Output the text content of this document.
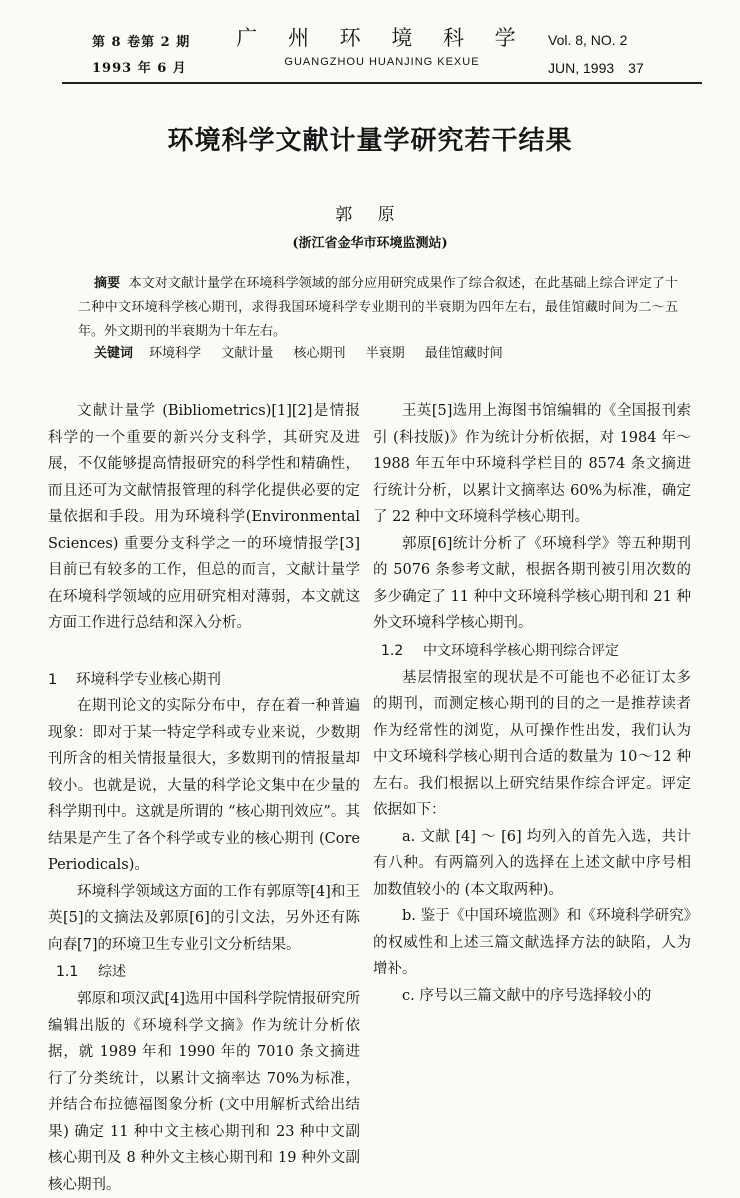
第 8 卷第 2 期
1993 年 6 月
广 州 环 境 科 学
GUANGZHOU HUANJING KEXUE
Vol. 8, NO. 2
JUN, 1993 37
环境科学文献计量学研究若干结果
郭 原
(浙江省金华市环境监测站)
摘要 本文对文献计量学在环境科学领域的部分应用研究成果作了综合叙述，在此基础上综合评定了十二种中文环境科学核心期刊，求得我国环境科学专业期刊的半衰期为四年左右，最佳馆藏时间为二～五年。外文期刊的半衰期为十年左右。
关键词 环境科学 文献计量 核心期刊 半衰期 最佳馆藏时间

文献计量学 (Bibliometrics)[1][2]是情报科学的一个重要的新兴分支科学，其研究及进展，不仅能够提高情报研究的科学性和精确性，而且还可为文献情报管理的科学化提供必要的定量依据和手段。用为环境科学(Environmental Sciences) 重要分支科学之一的环境情报学[3]目前已有较多的工作，但总的而言，文献计量学在环境科学领域的应用研究相对薄弱，本文就这方面工作进行总结和深入分析。

1 环境科学专业核心期刊

在期刊论文的实际分布中，存在着一种普遍现象：即对于某一特定学科或专业来说，少数期刊所含的相关情报量很大，多数期刊的情报量却较小。也就是说，大量的科学论文集中在少量的科学期刊中。这就是所谓的 “核心期刊效应”。其结果是产生了各个科学或专业的核心期刊 (Core Periodicals)。

环境科学领域这方面的工作有郭原等[4]和王英[5]的文摘法及郭原[6]的引文法，另外还有陈向春[7]的环境卫生专业引文分析结果。

1.1 综述

郭原和项汉武[4]选用中国科学院情报研究所编辑出版的《环境科学文摘》作为统计分析依据，就 1989 年和 1990 年的 7010 条文摘进行了分类统计，以累计文摘率达 70%为标准，并结合布拉德福图象分析 (文中用解析式给出结果) 确定 11 种中文主核心期刊和 23 种中文副核心期刊及 8 种外文主核心期刊和 19 种外文副核心期刊。

王英[5]选用上海图书馆编辑的《全国报刊索引 (科技版)》作为统计分析依据，对 1984 年～1988 年五年中环境科学栏目的 8574 条文摘进行统计分析，以累计文摘率达 60%为标准，确定了 22 种中文环境科学核心期刊。

郭原[6]统计分析了《环境科学》等五种期刊的 5076 条参考文献，根据各期刊被引用次数的多少确定了 11 种中文环境科学核心期刊和 21 种外文环境科学核心期刊。

1.2 中文环境科学核心期刊综合评定

基层情报室的现状是不可能也不必征订太多的期刊，而测定核心期刊的目的之一是推荐读者作为经常性的浏览，从可操作性出发，我们认为中文环境科学核心期刊合适的数量为 10～12 种左右。我们根据以上研究结果作综合评定。评定依据如下：

a. 文献 [4] ～ [6] 均列入的首先入选，共计有八种。有两篇列入的选择在上述文献中序号相加数值较小的 (本文取两种)。

b. 鉴于《中国环境监测》和《环境科学研究》的权威性和上述三篇文献选择方法的缺陷，人为增补。

c. 序号以三篇文献中的序号选择较小的
